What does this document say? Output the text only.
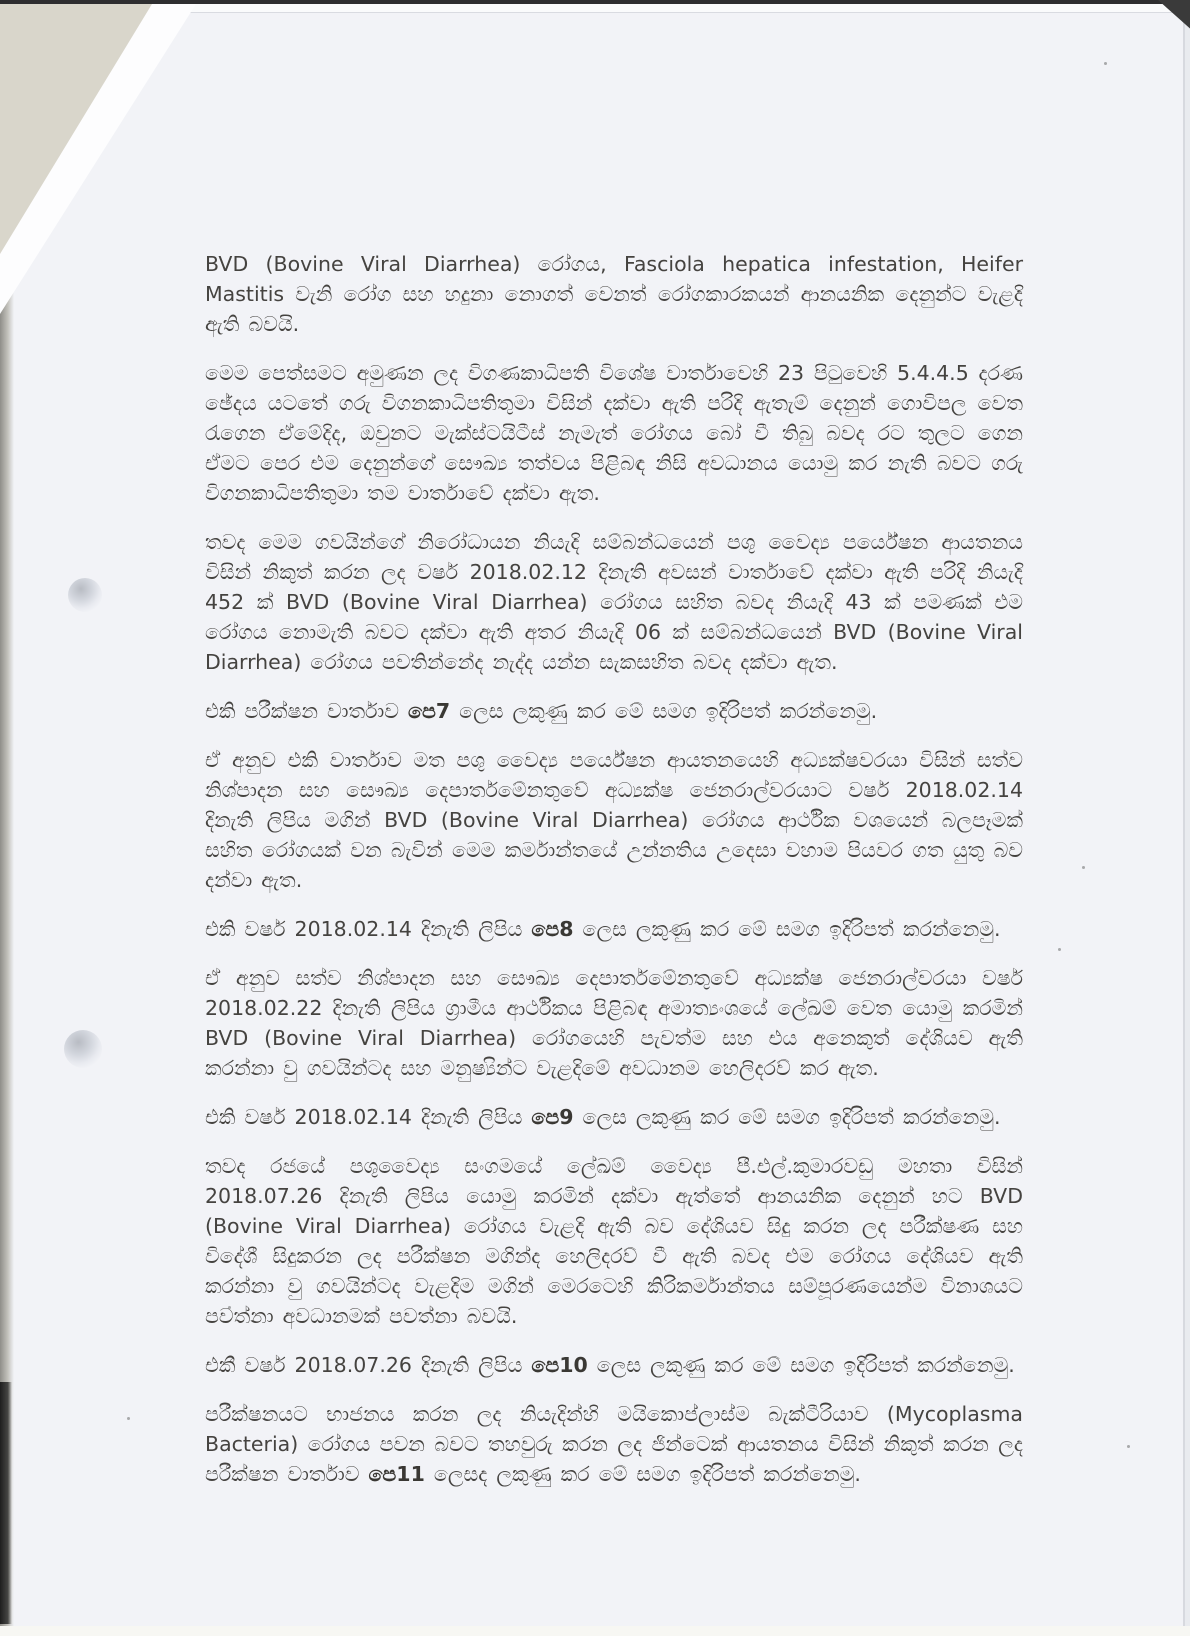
BVD (Bovine Viral Diarrhea) රෝගය, Fasciola hepatica infestation, Heifer Mastitis වැනි රෝග සහ හදුනා නොගත් වෙනත් රෝගකාරකයන් ආනයනික දෙනුන්ට වැළදි ඇති බවයි.

මෙම පෙත්සමට අමුණන ලද විගණකාධිපති විශේෂ වාර්තාවෙහි 23 පිටුවෙහි 5.4.4.5 දරණ ඡේදය යටතේ ගරු විගනකාධිපතිතුමා විසින් දක්වා ඇති පරිදි ඇතැම් දෙනුන් ගොවිපල වෙත රැගෙන ඒමේදිද, ඔවුනට මැක්ස්ටයිටීස් නැමැත් රෝගය බෝ වී තිබු බවද රට තුලට ගෙන ඒමට පෙර එම දෙනුන්ගේ සෞඛ්‍ය තත්වය පිළිබඳ නිසි අවධානය යොමු කර නැති බවට ගරු විගනකාධිපතිතුමා තම වාර්තාවේ දක්වා ඇත.

තවද මෙම ගවයින්ගේ නිරෝධායන නියැදි සම්බන්ධයෙන් පශු වෛද්‍ය පර්යේෂන ආයතනය විසින් නිකුත් කරන ලද වර්ෂ 2018.02.12 දිනැති අවසන් වාර්තාවේ දක්වා ඇති පරිදි නියැදි 452 ක් BVD (Bovine Viral Diarrhea) රෝගය සහිත බවද නියැදි 43 ක් පමණක් එම රෝගය නොමැති බවට දක්වා ඇති අතර නියැදි 06 ක් සම්බන්ධයෙන් BVD (Bovine Viral Diarrhea) රෝගය පවතින්නේද නැද්ද යන්න සැකසහිත බවද දක්වා ඇත.

එකි පරීක්ෂන වාර්තාව පෙ7 ලෙස ලකුණු කර මේ සමග ඉදිරිපත් කරන්නෙමු.

ඒ අනුව එකි වාර්තාව මත පශු වෛද්‍ය පර්යේෂන ආයතනයෙහි අධ්‍යක්ෂවරයා විසින් සත්ව නිශ්පාදන සහ සෞඛ්‍ය දෙපාර්තමේනතුවේ අධ්‍යක්ෂ ජෙනරාල්වරයාට වර්ෂ 2018.02.14 දිනැති ලිපිය මගින් BVD (Bovine Viral Diarrhea) රෝගය ආර්ථික වශයෙන් බලපෑමක් සහිත රෝගයක් වන බැවින් මෙම කර්මාන්තයේ උන්නතිය උදෙසා වහාම පියවර ගත යුතු බව දන්වා ඇත.

එකි වර්ෂ 2018.02.14 දිනැති ලිපිය පෙ8 ලෙස ලකුණු කර මේ සමග ඉදිරිපත් කරන්නෙමු.

ඒ අනුව සත්ව නිශ්පාදන සහ සෞඛ්‍ය දෙපාර්තමේනතුවේ අධ්‍යක්ෂ ජෙනරාල්වරයා වර්ෂ 2018.02.22 දිනැති ලිපිය ග්‍රාමීය ආර්ථිකය පිළිබඳ අමාත්‍යංශයේ ලේඛම් වෙත යොමු කරමින් BVD (Bovine Viral Diarrhea) රෝගයෙහි පැවත්ම සහ එය අනෙකුත් දේශියව ඇති කරන්නා වු ගවයින්ටද සහ මනුෂ්‍යින්ට වැළදිමේ අවධානම හෙලිදරව් කර ඇත.

එකි වර්ෂ 2018.02.14 දිනැති ලිපිය පෙ9 ලෙස ලකුණු කර මේ සමග ඉදිරිපත් කරන්නෙමු.

තවද රජයේ පශුවෛද්‍ය සංගමයේ ලේඛම් වෛද්‍ය පී.එල්.කුමාරවඩු මහතා විසින් 2018.07.26 දිනැති ලිපිය යොමු කරමින් දක්වා ඇත්තේ ආනයනික දෙනුන් හට BVD (Bovine Viral Diarrhea) රෝගය වැළදි ඇති බව දේශියව සිදු කරන ලද පරීක්ෂණ සහ විදේශී සිදුකරන ලද පරීක්ෂන මගින්ද හෙලිදරව් වී ඇති බවද එම රෝගය දේශියව ඇති කරන්නා වු ගවයින්ටද වැළදිම මගින් මෙරටෙහි කිරිකර්මාන්තය සම්පූරණයෙන්ම විනාශයට පවත්නා අවධානමක් පවත්නා බවයි.

එකී වර්ෂ 2018.07.26 දිනැති ලිපිය පෙ10 ලෙස ලකුණු කර මේ සමග ඉදිරිපත් කරන්නෙමු.

පරීක්ෂනයට භාජනය කරන ලද නියැදින්හි මයිකොප්ලාස්ම බැක්ටීරියාව (Mycoplasma Bacteria) රෝගය පවන බවට තහවුරු කරන ලද ජින්ටෙක් ආයතනය විසින් නිකුත් කරන ලද පරීක්ෂන වාර්තාව පෙ11 ලෙසද ලකුණු කර මේ සමග ඉදිරිපත් කරන්නෙමු.
